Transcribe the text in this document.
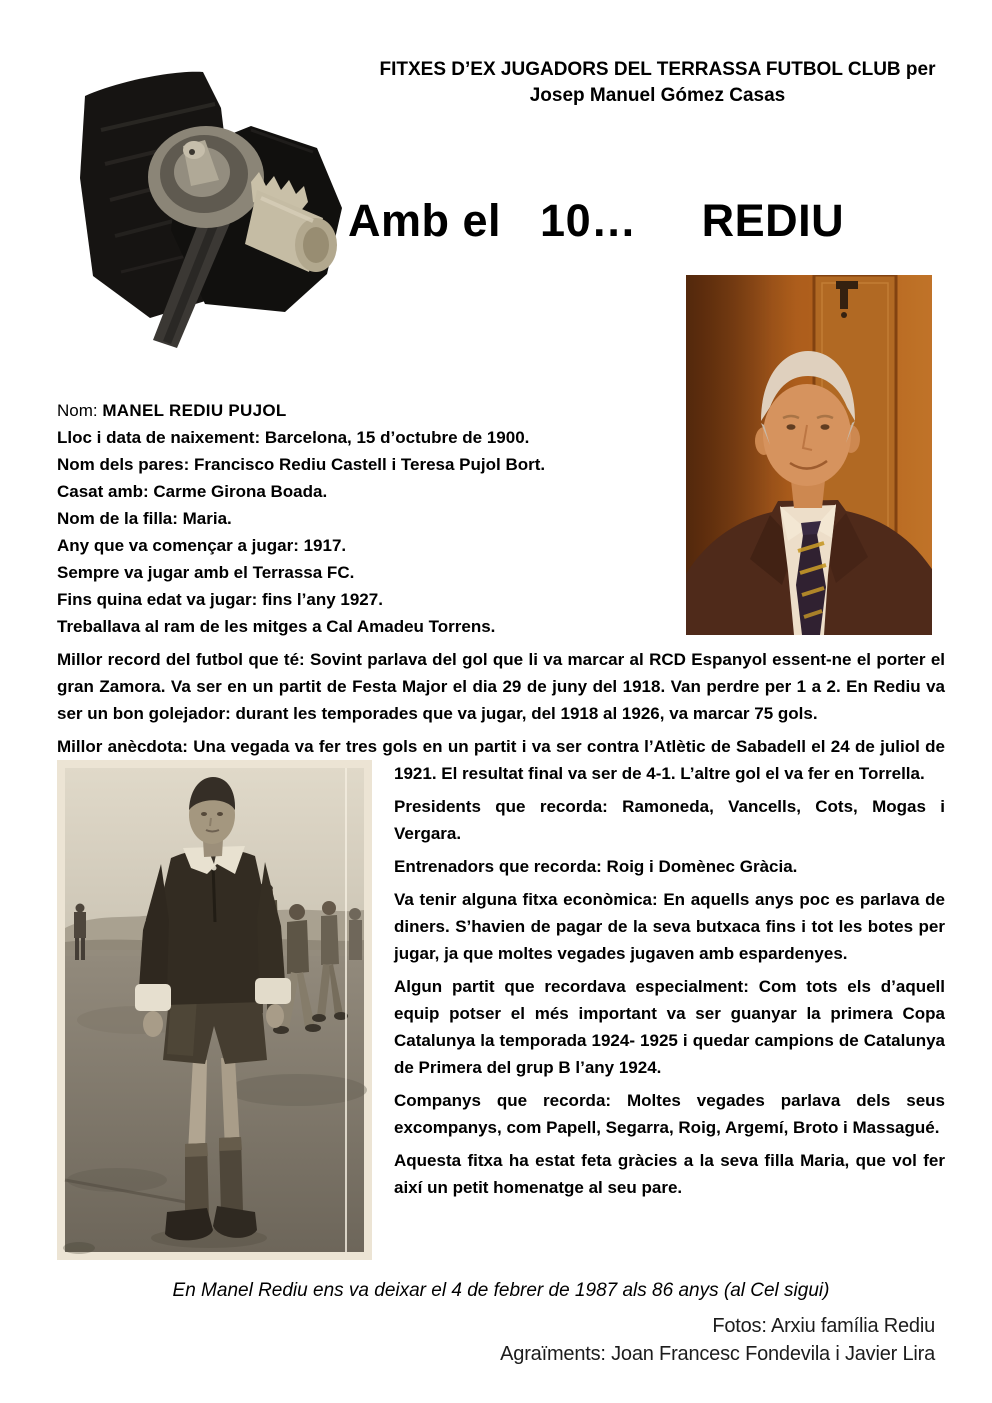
FITXES D’EX JUGADORS DEL TERRASSA FUTBOL CLUB per
Josep Manuel Gómez Casas
Amb el   10…     REDIU

Nom: MANEL REDIU PUJOL

Lloc i data de naixement: Barcelona, 15 d’octubre de 1900.

Nom dels pares: Francisco Rediu Castell i Teresa Pujol Bort.

Casat amb: Carme Girona Boada.

Nom de la filla: Maria.

Any que va començar a jugar: 1917.

Sempre va jugar amb el Terrassa FC.

Fins quina edat va jugar: fins l’any 1927.

Treballava al ram de les mitges a Cal Amadeu Torrens.

Millor record del futbol que té: Sovint parlava del gol que li va marcar al RCD Espanyol essent-ne el porter el gran Zamora. Va ser en un partit de Festa Major el dia 29 de juny del 1918. Van perdre per 1 a 2. En Rediu va ser un bon golejador: durant les temporades que va jugar, del 1918 al 1926, va marcar 75 gols.

Millor anècdota: Una vegada va fer tres gols en un partit i va ser contra l’Atlètic de Sabadell el 24 de juliol
de 1921. El resultat final va ser de 4-1. L’altre gol el va fer en Torrella.

Presidents que recorda: Ramoneda, Vancells, Cots, Mogas i Vergara.

Entrenadors que recorda: Roig i Domènec Gràcia.

Va tenir alguna fitxa econòmica: En aquells anys poc es parlava de diners. S’havien de pagar de la seva butxaca fins i tot les botes per jugar, ja que moltes vegades jugaven amb espardenyes.

Algun partit que recordava especialment: Com tots els d’aquell equip potser el més important va ser guanyar la primera Copa Catalunya la temporada 1924- 1925 i quedar campions de Catalunya de Primera del grup B l’any 1924.

Companys que recorda: Moltes vegades parlava dels seus excompanys, com Papell, Segarra, Roig, Argemí, Broto i Massagué.

Aquesta fitxa ha estat feta gràcies a la seva filla Maria, que vol fer així un petit homenatge al seu pare.

En Manel Rediu ens va deixar el 4 de febrer de 1987 als 86 anys (al Cel sigui)
Fotos: Arxiu família Rediu
Agraïments: Joan Francesc Fondevila i Javier Lira
